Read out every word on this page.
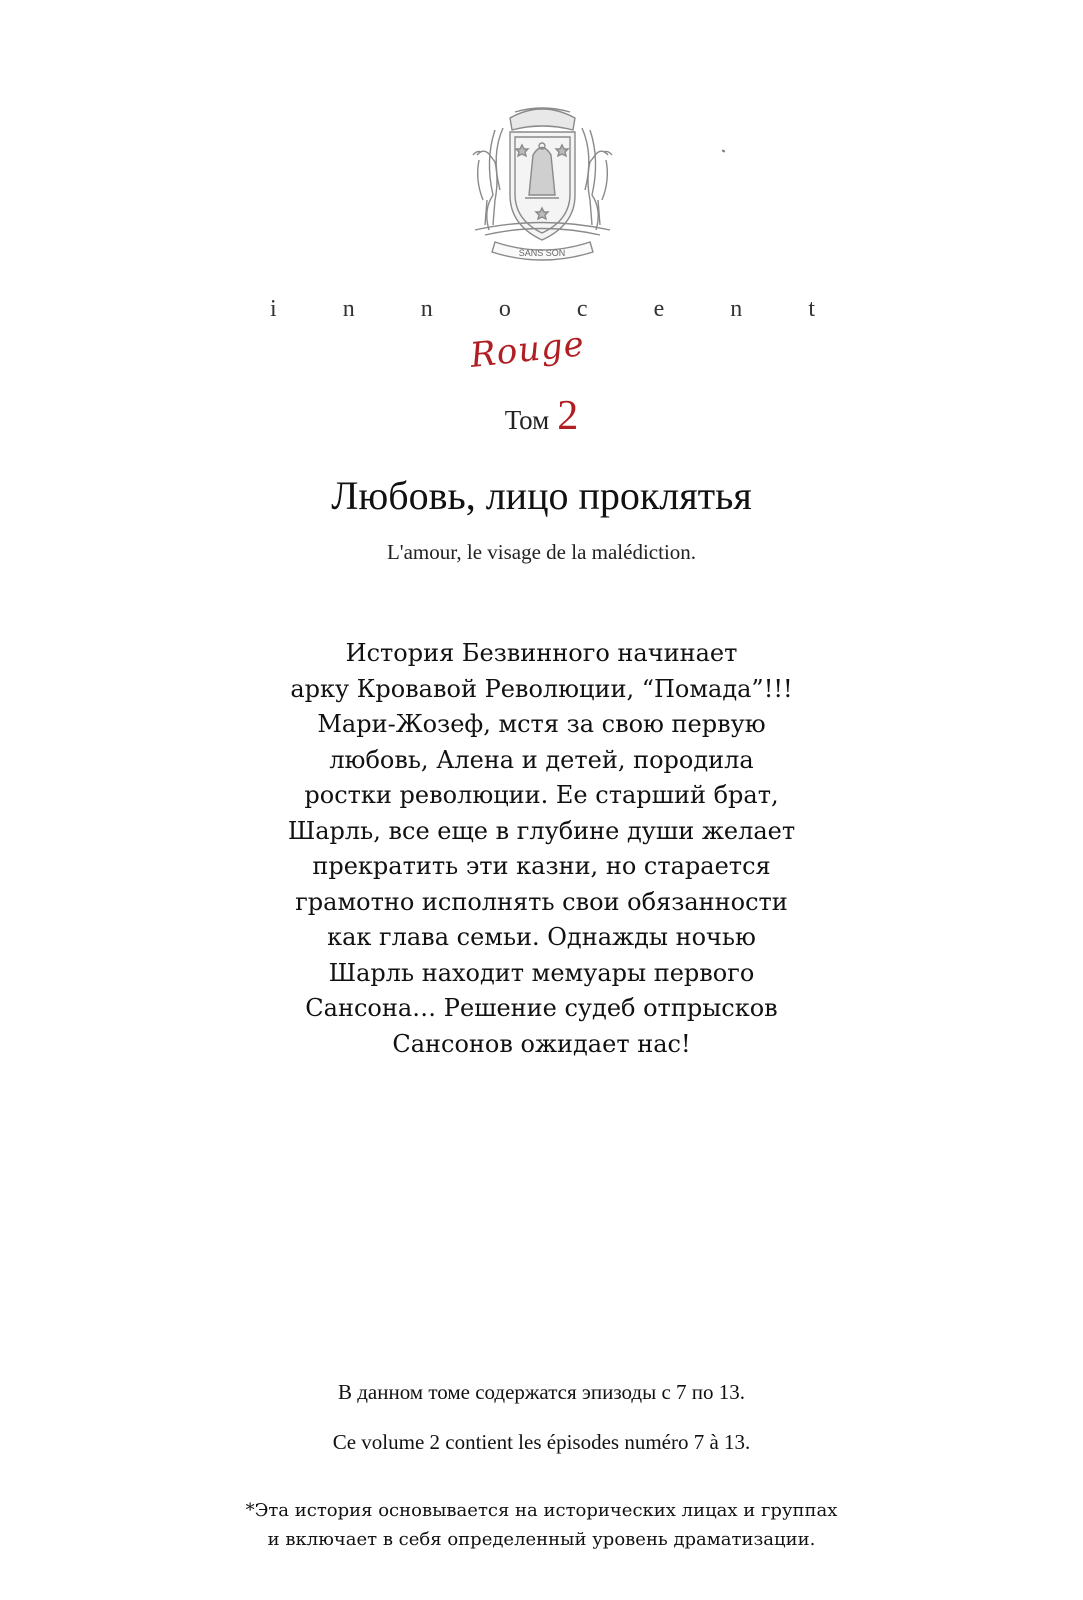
SANS SON
i	n	n	o	c	e	n	t
Rouge
Том 2
Любовь, лицо проклятья
L'amour, le visage de la malédiction.
История Безвинного начинает
арку Кровавой Революции, “Помада”!!!
Мари-Жозеф, мстя за свою первую
любовь, Алена и детей, породила
ростки революции. Ее старший брат,
Шарль, все еще в глубине души желает
прекратить эти казни, но старается
грамотно исполнять свои обязанности
как глава семьи. Однажды ночью
Шарль находит мемуары первого
Сансона… Решение судеб отпрысков
Сансонов ожидает нас!
В данном томе содержатся эпизоды с 7 по 13.
Ce volume 2 contient les épisodes numéro 7 à 13.
*Эта история основывается на исторических лицах и группах
и включает в себя определенный уровень драматизации.
